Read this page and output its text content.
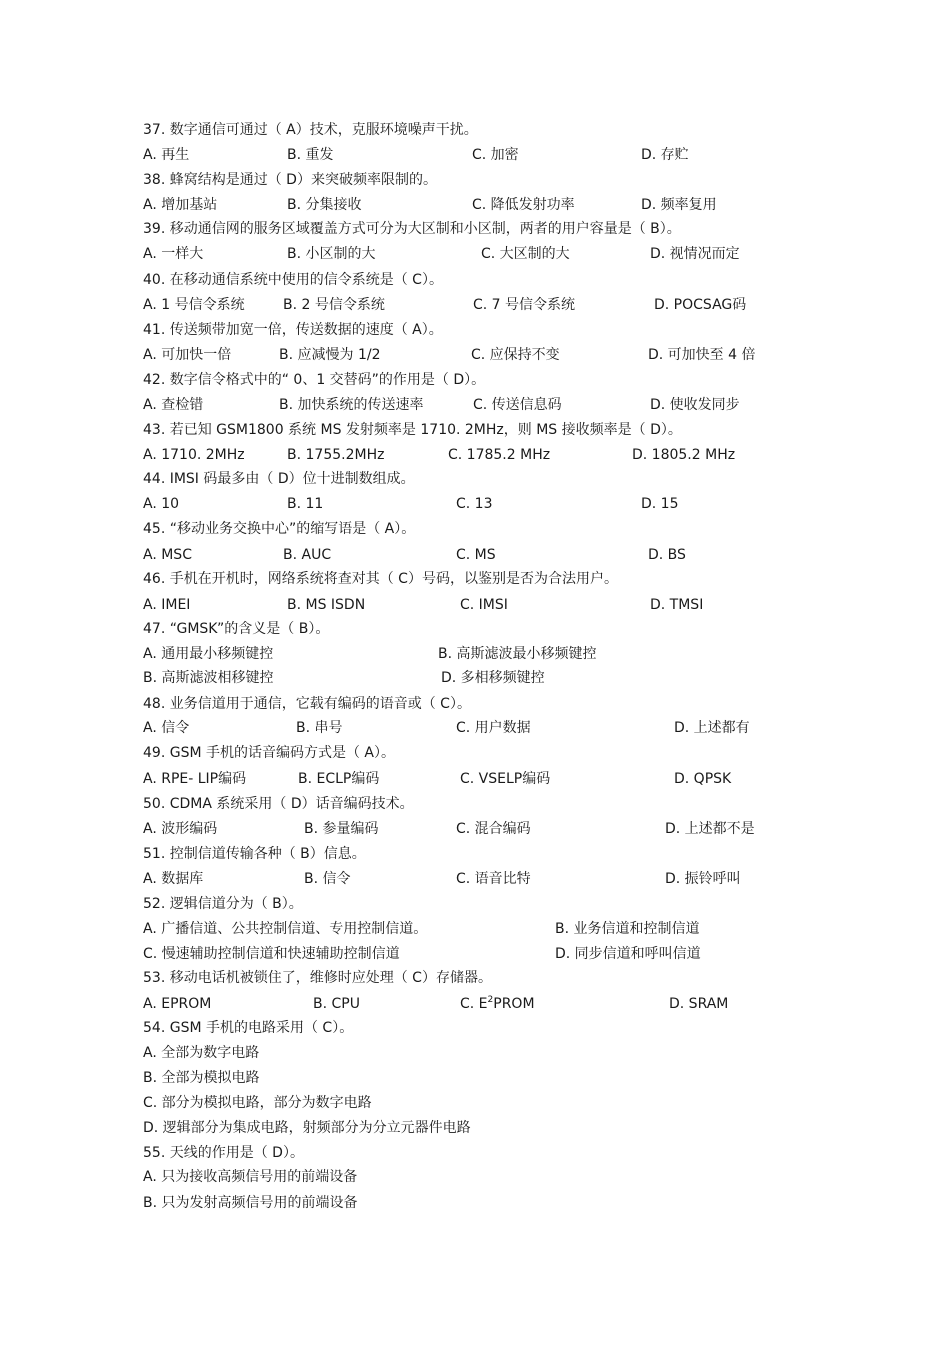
37. 数字通信可通过（ A）技术，克服环境噪声干扰。
A. 再生	B. 重发	C. 加密	D. 存贮
38. 蜂窝结构是通过（ D）来突破频率限制的。
A. 增加基站	B. 分集接收	C. 降低发射功率	D. 频率复用
39. 移动通信网的服务区域覆盖方式可分为大区制和小区制，两者的用户容量是（ B）。
A. 一样大	B. 小区制的大	C. 大区制的大	D. 视情况而定
40. 在移动通信系统中使用的信令系统是（ C）。
A. 1 号信令系统	B. 2 号信令系统	C. 7 号信令系统	D. POCSAG码
41. 传送频带加宽一倍，传送数据的速度（ A）。
A. 可加快一倍	B. 应减慢为 1/2	C. 应保持不变	D. 可加快至 4 倍
42. 数字信令格式中的“ 0、1 交替码”的作用是（ D）。
A. 查检错	B. 加快系统的传送速率	C. 传送信息码	D. 使收发同步
43. 若已知 GSM1800 系统 MS 发射频率是 1710. 2MHz，则 MS 接收频率是（ D）。
A. 1710. 2MHz	B. 1755.2MHz	C. 1785.2 MHz	D. 1805.2 MHz
44. IMSI 码最多由（ D）位十进制数组成。
A. 10	B. 11	C. 13	D. 15
45. “移动业务交换中心”的缩写语是（ A）。
A. MSC	B. AUC	C. MS	D. BS
46. 手机在开机时，网络系统将查对其（ C）号码，以鉴别是否为合法用户。
A. IMEI	B. MS ISDN	C. IMSI	D. TMSI
47. “GMSK”的含义是（ B）。
A. 通用最小移频键控	B. 高斯滤波最小移频键控
B. 高斯滤波相移键控	D. 多相移频键控
48. 业务信道用于通信，它载有编码的语音或（ C）。
A. 信令	B. 串号	C. 用户数据	D. 上述都有
49. GSM 手机的话音编码方式是（ A）。
A. RPE- LIP编码	B. ECLP编码	C. VSELP编码	D. QPSK
50. CDMA 系统采用（ D）话音编码技术。
A. 波形编码	B. 参量编码	C. 混合编码	D. 上述都不是
51. 控制信道传输各种（ B）信息。
A. 数据库	B. 信令	C. 语音比特	D. 振铃呼叫
52. 逻辑信道分为（ B）。
A. 广播信道、公共控制信道、专用控制信道。	B. 业务信道和控制信道
C. 慢速辅助控制信道和快速辅助控制信道	D. 同步信道和呼叫信道
53. 移动电话机被锁住了，维修时应处理（ C）存储器。
A. EPROM	B. CPU	C. $E^2PROM$	D. SRAM
54. GSM 手机的电路采用（ C）。
A. 全部为数字电路
B. 全部为模拟电路
C. 部分为模拟电路，部分为数字电路
D. 逻辑部分为集成电路，射频部分为分立元器件电路
55. 天线的作用是（ D）。
A. 只为接收高频信号用的前端设备
B. 只为发射高频信号用的前端设备
